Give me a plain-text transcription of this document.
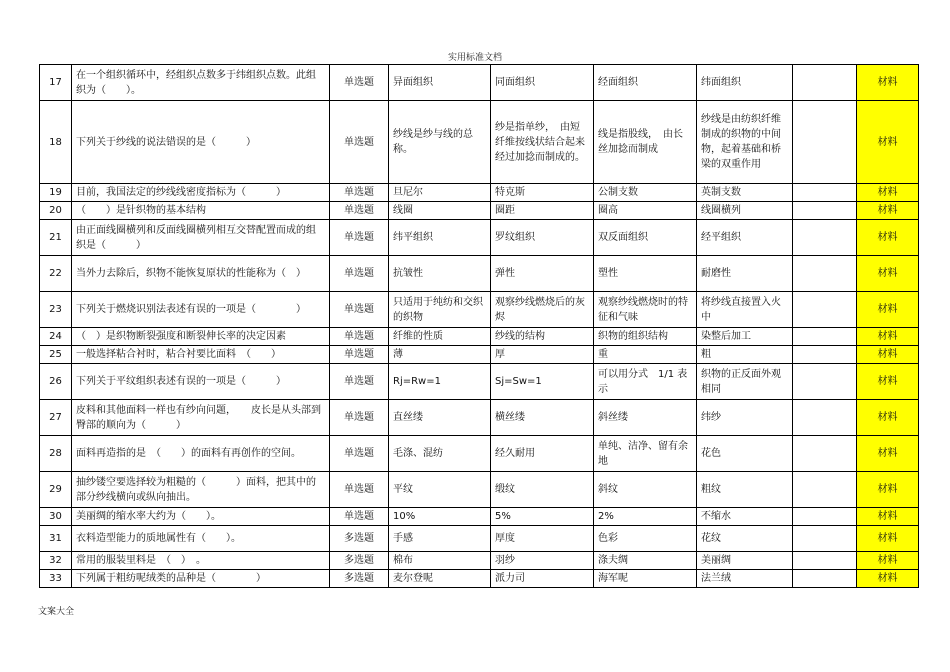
实用标准文档
17	在一个组织循环中，经组织点数多于纬组织点数。此组织为（　　）。	单选题	异面组织	同面组织	经面组织	纬面组织		材料
18	下列关于纱线的说法错误的是（　　　）	单选题	纱线是纱与线的总称。	纱是指单纱，　由短纤维按线状结合起来经过加捻而制成的。	线是指股线，　由长丝加捻而制成	纱线是由纺织纤维制成的织物的中间物，起着基础和桥梁的双重作用		材料
19	目前，我国法定的纱线线密度指标为（　　　）	单选题	旦尼尔	特克斯	公制支数	英制支数		材料
20	（　　）是针织物的基本结构	单选题	线圈	圈距	圈高	线圈横列		材料
21	由正面线圈横列和反面线圈横列相互交替配置而成的组织是（　　　）	单选题	纬平组织	罗纹组织	双反面组织	经平组织		材料
22	当外力去除后，织物不能恢复原状的性能称为（　）	单选题	抗皱性	弹性	塑性	耐磨性		材料
23	下列关于燃烧识别法表述有误的一项是（　　　　）	单选题	只适用于纯纺和交织的织物	观察纱线燃烧后的灰烬	观察纱线燃烧时的特征和气味	将纱线直接置入火中		材料
24	（　）是织物断裂强度和断裂伸长率的决定因素	单选题	纤维的性质	纱线的结构	织物的组织结构	染整后加工		材料
25	一般选择粘合衬时，粘合衬要比面料　（　　）	单选题	薄	厚	重	粗		材料
26	下列关于平纹组织表述有误的一项是（　　　）	单选题	Rj=Rw=1	Sj=Sw=1	可以用分式　1/1 表示	织物的正反面外观相同		材料
27	皮料和其他面料一样也有纱向问题，　　皮长是从头部到臀部的顺向为（　　　）	单选题	直丝缕	横丝缕	斜丝缕	纬纱		材料
28	面料再造指的是　（　　）的面料有再创作的空间。	单选题	毛涤、混纺	经久耐用	单纯、洁净、留有余地	花色		材料
29	抽纱镂空要选择较为粗糙的（　　　）面料，把其中的部分纱线横向或纵向抽出。	单选题	平纹	缎纹	斜纹	粗纹		材料
30	美丽绸的缩水率大约为（　　）。	单选题	10%	5%	2%	不缩水		材料
31	衣料造型能力的质地属性有（　　）。	多选题	手感	厚度	色彩	花纹		材料
32	常用的服装里料是　（　）　。	多选题	棉布	羽纱	涤夫绸	美丽绸		材料
33	下列属于粗纺呢绒类的品种是（　　　　）	多选题	麦尔登呢	派力司	海军呢	法兰绒		材料
文案大全
